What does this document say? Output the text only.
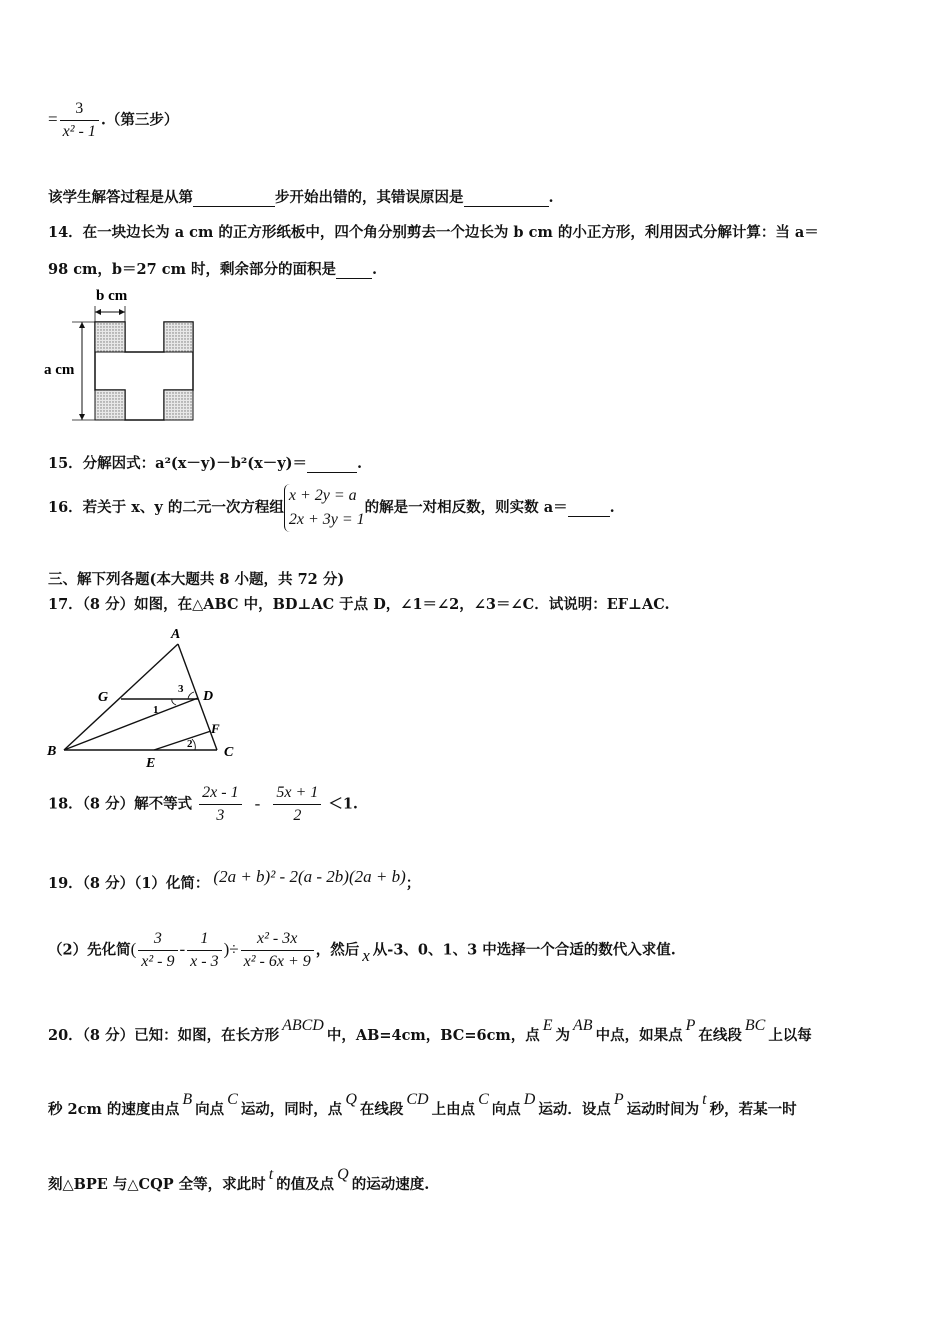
= $\frac{3}{\text{x² - 1}}$ .（第三步）
该学生解答过程是从第	步开始出错的，其错误原因是	.
14．在一块边长为 a cm 的正方形纸板中，四个角分别剪去一个边长为 b cm 的小正方形，利用因式分解计算：当 a＝
98 cm，b＝27 cm 时，剩余部分的面积是 .
b cm
a cm
15．分解因式：a²(x－y)－b²(x－y)＝	.
16．若关于 x、y 的二元一次方程组
x + 2y = a
2x + 3y = 1
的解是一对相反数，则实数 a＝	.
三、解下列各题(本大题共 8 小题，共 72 分)
17．（8 分）如图，在△ABC 中，BD⊥AC 于点 D，∠1＝∠2，∠3＝∠C．试说明：EF⊥AC.
A
B	C
D
E
F
G
1
2
3
18．（8 分）解不等式 $\frac{2x - 1}{3} - \frac{5x + 1}{2} <1$.
19．（8 分）（1）化简： (2a + b)² - 2(a - 2b)(2a + b)；
（2）先化简( $\frac{3}{\text{x² - 9}} - \frac{1}{x - 3}$ )÷ $\frac{\text{x² - 3x}}{\text{x² - 6x + 9}}$ ，然后 x 从-3、0、1、3 中选择一个合适的数代入求值.
20．（8 分）已知：如图，在长方形ABCD中，AB=4cm，BC=6cm，点E为AB中点，如果点P在线段BC上以每
秒 2cm 的速度由点B向点C运动，同时，点Q在线段CD上由点C向点D运动．设点P运动时间为t秒，若某一时
刻△BPE 与△CQP 全等，求此时t的值及点Q的运动速度.
